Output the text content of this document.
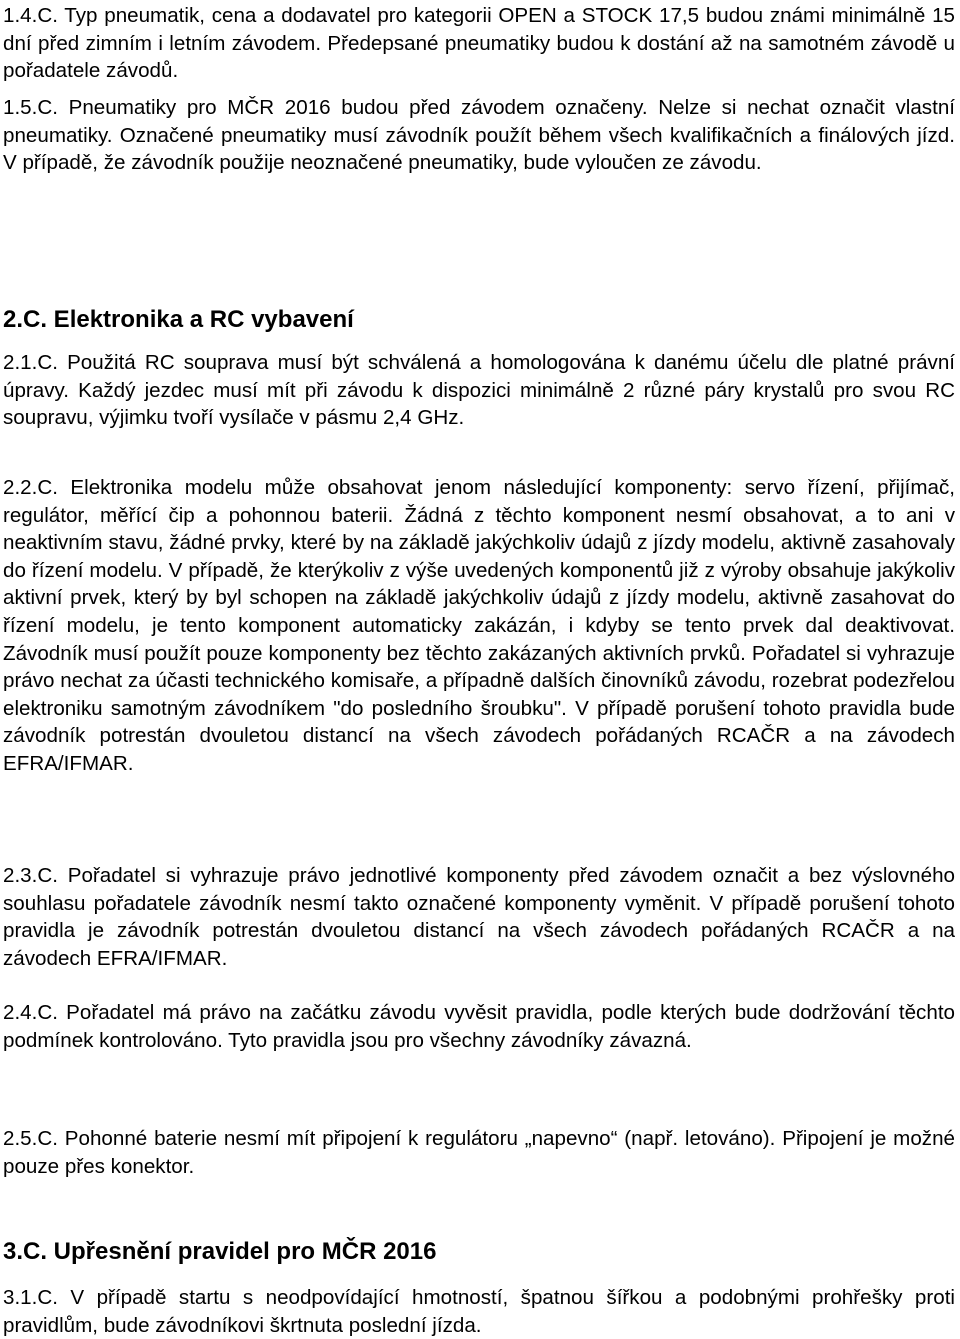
1.4.C. Typ pneumatik, cena a dodavatel pro kategorii OPEN a STOCK 17,5 budou známi minimálně 15 dní před zimním i letním závodem. Předepsané pneumatiky budou k dostání až na samotném závodě u pořadatele závodů.

1.5.C. Pneumatiky pro MČR 2016 budou před závodem označeny. Nelze si nechat označit vlastní pneumatiky. Označené pneumatiky musí závodník použít během všech kvalifikačních a finálových jízd. V případě, že závodník použije neoznačené pneumatiky, bude vyloučen ze závodu.

2.C. Elektronika a RC vybavení

2.1.C. Použitá RC souprava musí být schválená a homologována k danému účelu dle platné právní úpravy. Každý jezdec musí mít při závodu k dispozici minimálně 2 různé páry krystalů pro svou RC soupravu, výjimku tvoří vysílače v pásmu 2,4 GHz.

2.2.C. Elektronika modelu může obsahovat jenom následující komponenty: servo řízení, přijímač, regulátor, měřící čip a pohonnou baterii. Žádná z těchto komponent nesmí obsahovat, a to ani v neaktivním stavu, žádné prvky, které by na základě jakýchkoliv údajů z jízdy modelu, aktivně zasahovaly do řízení modelu. V případě, že kterýkoliv z výše uvedených komponentů již z výroby obsahuje jakýkoliv aktivní prvek, který by byl schopen na základě jakýchkoliv údajů z jízdy modelu, aktivně zasahovat do řízení modelu, je tento komponent automaticky zakázán, i kdyby se tento prvek dal deaktivovat. Závodník musí použít pouze komponenty bez těchto zakázaných aktivních prvků. Pořadatel si vyhrazuje právo nechat za účasti technického komisaře, a případně dalších činovníků závodu, rozebrat podezřelou elektroniku samotným závodníkem "do posledního šroubku". V případě porušení tohoto pravidla bude závodník potrestán dvouletou distancí na všech závodech pořádaných RCAČR a na závodech EFRA/IFMAR.

2.3.C. Pořadatel si vyhrazuje právo jednotlivé komponenty před závodem označit a bez výslovného souhlasu pořadatele závodník nesmí takto označené komponenty vyměnit. V případě porušení tohoto pravidla je závodník potrestán dvouletou distancí na všech závodech pořádaných RCAČR a na závodech EFRA/IFMAR.

2.4.C. Pořadatel má právo na začátku závodu vyvěsit pravidla, podle kterých bude dodržování těchto podmínek kontrolováno. Tyto pravidla jsou pro všechny závodníky závazná.

2.5.C. Pohonné baterie nesmí mít připojení k regulátoru „napevno“ (např. letováno). Připojení je možné pouze přes konektor.

3.C. Upřesnění pravidel pro MČR 2016

3.1.C. V případě startu s neodpovídající hmotností, špatnou šířkou a podobnými prohřešky proti pravidlům, bude závodníkovi škrtnuta poslední jízda.
